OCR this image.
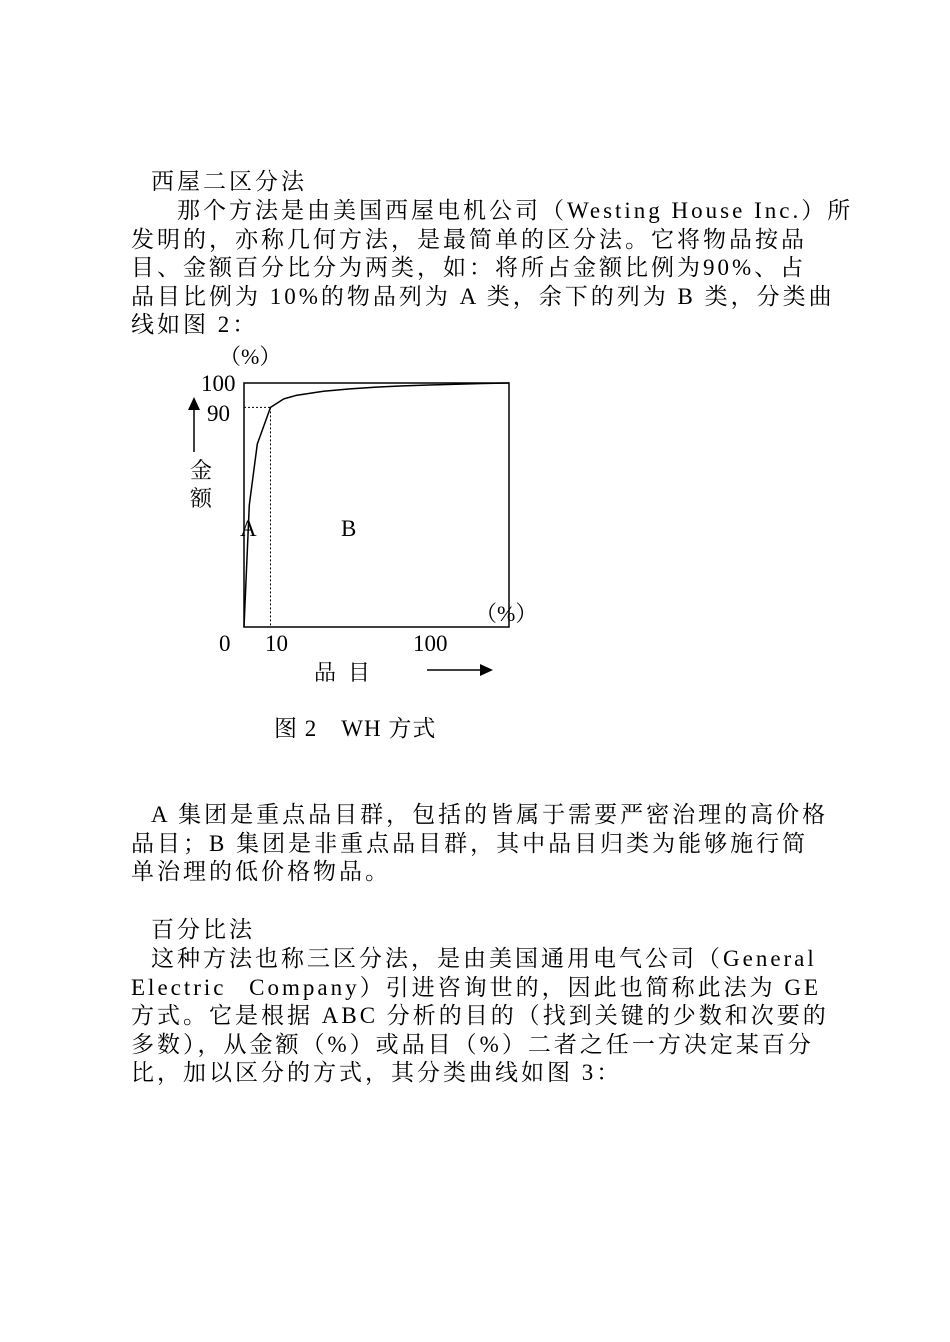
西屋二区分法
那个方法是由美国西屋电机公司（Westing House Inc.）所
发明的，亦称几何方法，是最简单的区分法。它将物品按品
目、金额百分比分为两类，如：将所占金额比例为90%、占
品目比例为 10%的物品列为 A 类，余下的列为 B 类，分类曲
线如图 2：
（%）
100
90
金额
A	B
（%）
0 10	100
品目
图 2　WH 方式
A 集团是重点品目群，包括的皆属于需要严密治理的高价格
品目；B 集团是非重点品目群，其中品目归类为能够施行简
单治理的低价格物品。
百分比法
这种方法也称三区分法，是由美国通用电气公司（General
Electric Company）引进咨询世的，因此也简称此法为 GE
方式。它是根据 ABC 分析的目的（找到关键的少数和次要的
多数），从金额（%）或品目（%）二者之任一方决定某百分
比，加以区分的方式，其分类曲线如图 3：
